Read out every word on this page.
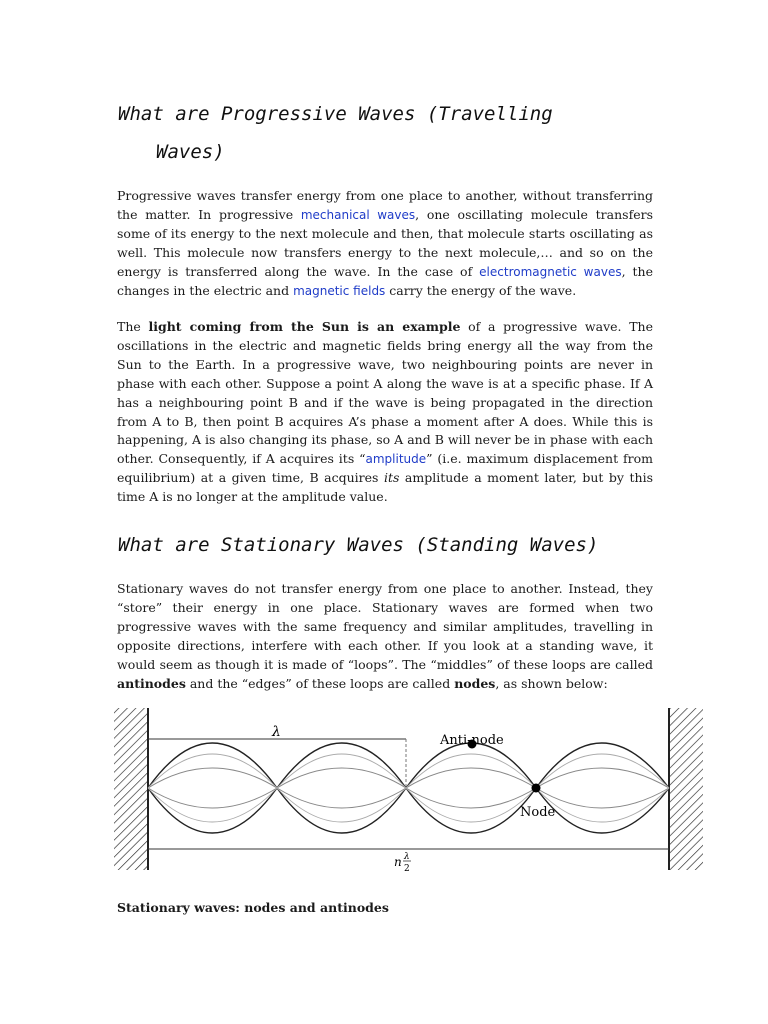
What are Progressive Waves (Travelling
Waves)
Progressive waves transfer energy from one place to another, without transferring the matter. In progressive mechanical waves, one oscillating molecule transfers some of its energy to the next molecule and then, that molecule starts oscillating as well. This molecule now transfers energy to the next molecule,… and so on the energy is transferred along the wave. In the case of electromagnetic waves, the changes in the electric and magnetic fields carry the energy of the wave.
The light coming from the Sun is an example of a progressive wave. The oscillations in the electric and magnetic fields bring energy all the way from the Sun to the Earth. In a progressive wave, two neighbouring points are never in phase with each other. Suppose a point A along the wave is at a specific phase. If A has a neighbouring point B and if the wave is being propagated in the direction from A to B, then point B acquires A’s phase a moment after A does. While this is happening, A is also changing its phase, so A and B will never be in phase with each other. Consequently, if A acquires its “amplitude” (i.e. maximum displacement from equilibrium) at a given time, B acquires its amplitude a moment later, but by this time A is no longer at the amplitude value.
What are Stationary Waves (Standing Waves)
Stationary waves do not transfer energy from one place to another. Instead, they “store” their energy in one place. Stationary waves are formed when two progressive waves with the same frequency and similar amplitudes, travelling in opposite directions, interfere with each other. If you look at a standing wave, it would seem as though it is made of “loops”. The “middles” of these loops are called antinodes and the “edges” of these loops are called nodes, as shown below:
λ
Anti-node
Node
n λ
2
Stationary waves: nodes and antinodes
